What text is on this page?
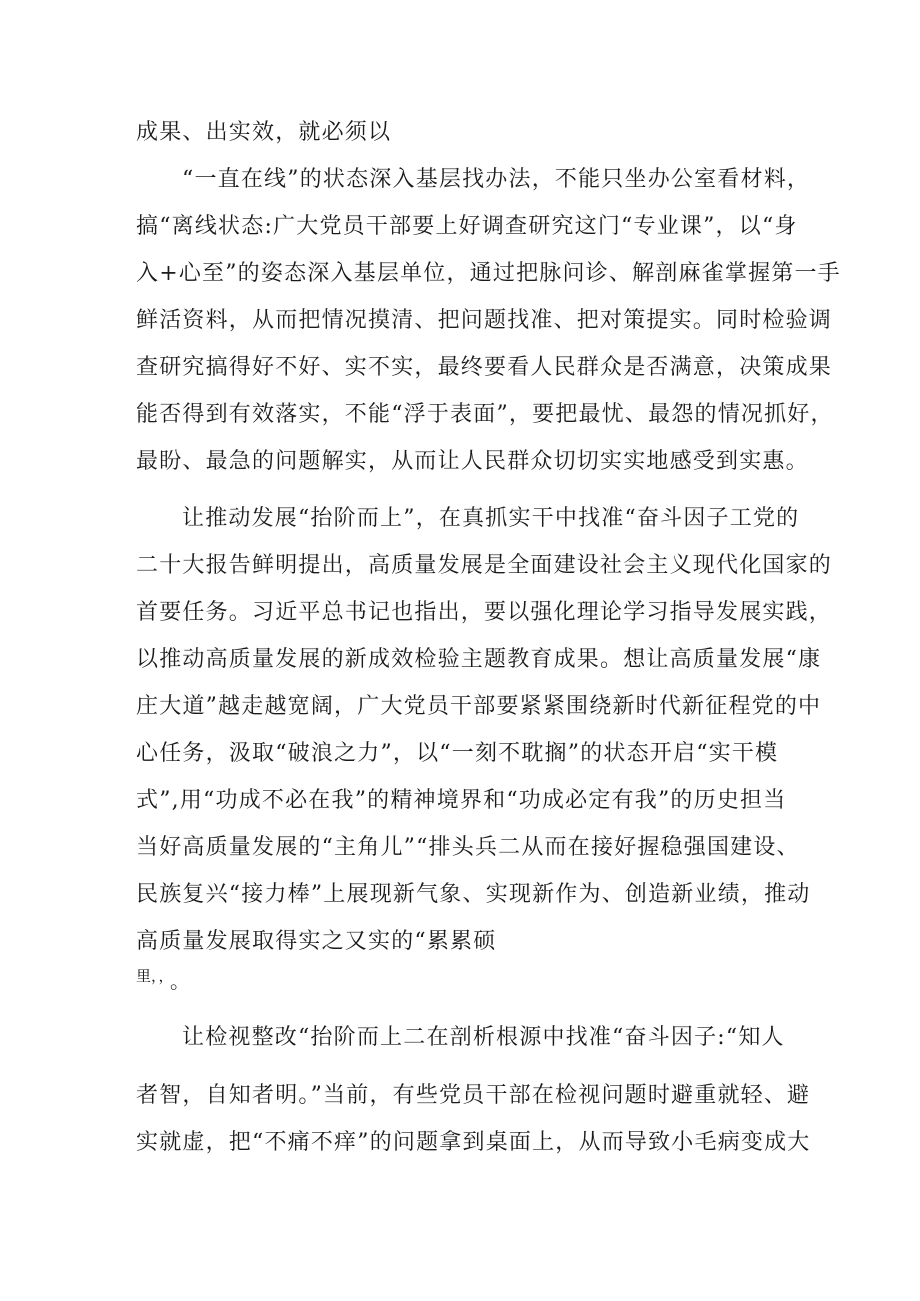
成果、出实效，就必须以
“一直在线”的状态深入基层找办法，不能只坐办公室看材料，
搞“离线状态:广大党员干部要上好调查研究这门“专业课”，以“身
入+心至”的姿态深入基层单位，通过把脉问诊、解剖麻雀掌握第一手
鲜活资料，从而把情况摸清、把问题找准、把对策提实。同时检验调
查研究搞得好不好、实不实，最终要看人民群众是否满意，决策成果
能否得到有效落实，不能“浮于表面”，要把最忧、最怨的情况抓好，
最盼、最急的问题解实，从而让人民群众切切实实地感受到实惠。
让推动发展“抬阶而上”，在真抓实干中找准“奋斗因子工党的
二十大报告鲜明提出，高质量发展是全面建设社会主义现代化国家的
首要任务。习近平总书记也指出，要以强化理论学习指导发展实践，
以推动高质量发展的新成效检验主题教育成果。想让高质量发展“康
庄大道”越走越宽阔，广大党员干部要紧紧围绕新时代新征程党的中
心任务，汲取“破浪之力”，以“一刻不耽搁”的状态开启“实干模
式”,用“功成不必在我”的精神境界和“功成必定有我”的历史担当
当好高质量发展的“主角儿”“排头兵二从而在接好握稳强国建设、
民族复兴“接力棒”上展现新气象、实现新作为、创造新业绩，推动
高质量发展取得实之又实的“累累硕
里，，
。
让检视整改“抬阶而上二在剖析根源中找准“奋斗因子:“知人
者智，自知者明。”当前，有些党员干部在检视问题时避重就轻、避
实就虚，把“不痛不痒”的问题拿到桌面上，从而导致小毛病变成大
